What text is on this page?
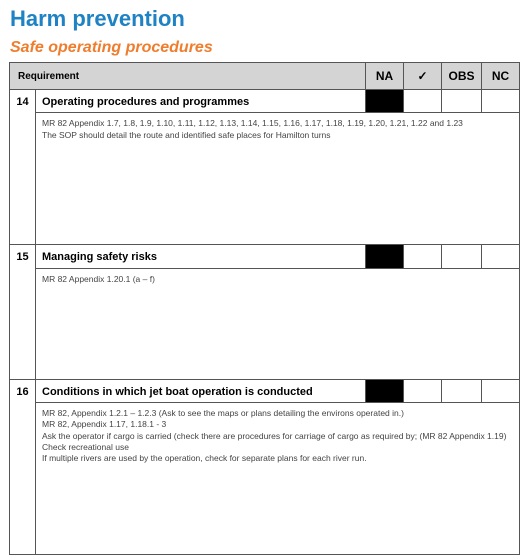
Harm prevention
Safe operating procedures
Requirement		NA	✓	OBS	NC
14	Operating procedures and programmes				

	MR 82 Appendix 1.7, 1.8, 1.9, 1.10, 1.11, 1.12, 1.13, 1.14, 1.15, 1.16, 1.17, 1.18, 1.19, 1.20, 1.21, 1.22 and 1.23
The SOP should detail the route and identified safe places for Hamilton turns				

15	Managing safety risks				

	MR 82 Appendix 1.20.1 (a – f)				

16	Conditions in which jet boat operation is conducted				

	MR 82, Appendix 1.2.1 – 1.2.3 (Ask to see the maps or plans detailing the environs operated in.)
MR 82, Appendix 1.17, 1.18.1 - 3
Ask the operator if cargo is carried (check there are procedures for carriage of cargo as required by; (MR 82 Appendix 1.19)
Check recreational use
If multiple rivers are used by the operation, check for separate plans for each river run.				
